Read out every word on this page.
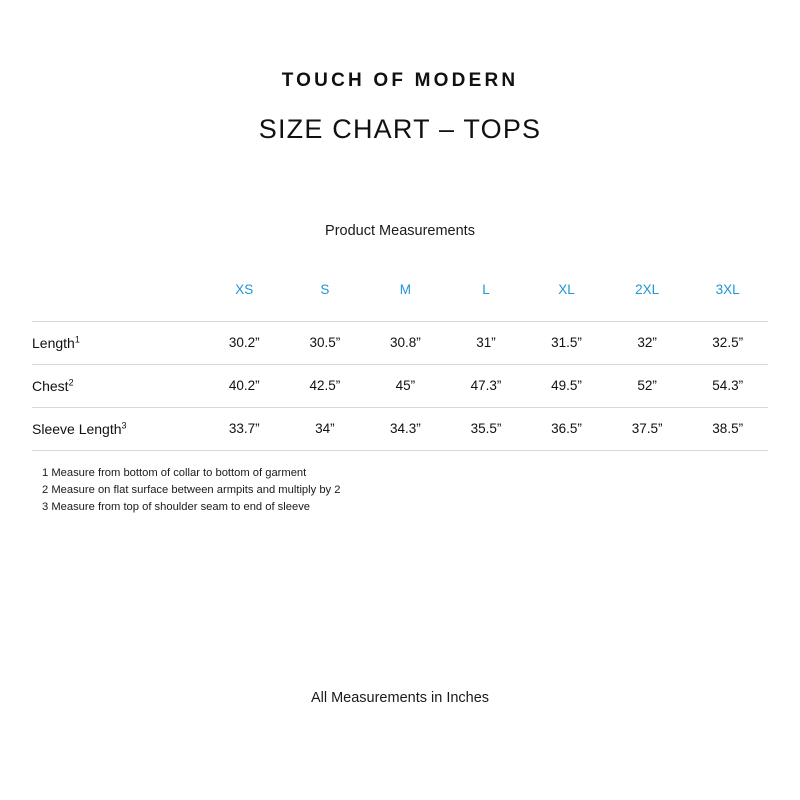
TOUCH OF MODERN
SIZE CHART – TOPS
Product Measurements
	XS	S	M	L	XL	2XL	3XL

Length$^1$	30.2”	30.5”	30.8”	31”	31.5”	32”	32.5”
Chest$^2$	40.2”	42.5”	45”	47.3”	49.5”	52”	54.3”
Sleeve Length$^3$	33.7”	34”	34.3”	35.5”	36.5”	37.5”	38.5”
1 Measure from bottom of collar to bottom of garment
2 Measure on flat surface between armpits and multiply by 2
3 Measure from top of shoulder seam to end of sleeve
All Measurements in Inches
